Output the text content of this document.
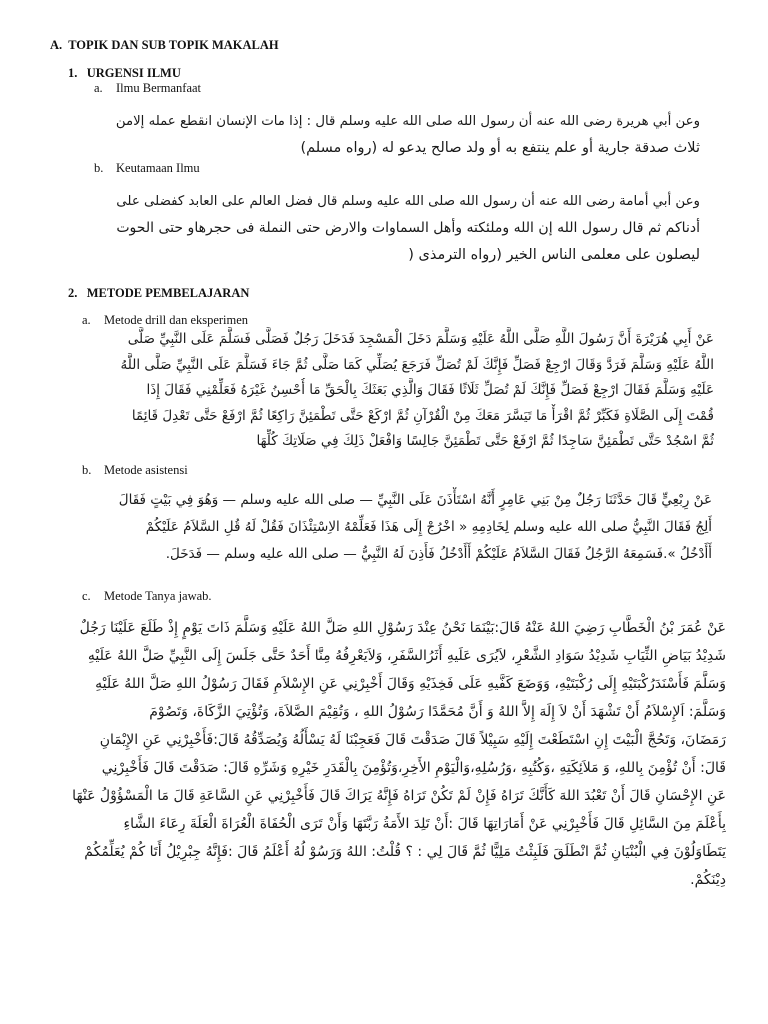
A. TOPIK DAN SUB TOPIK MAKALAH
1. URGENSI ILMU
a. Ilmu Bermanfaat
وعن أبي هريرة رضى الله عنه أن رسول الله صلى الله عليه وسلم قال : إذا مات الإنسان انقطع عمله إلامن
ثلاث صدقة جارية أو علم ينتفع به أو ولد صالح يدعو له (رواه مسلم)
b. Keutamaan Ilmu
وعن أبي أمامة رضى الله عنه أن رسول الله صلى الله عليه وسلم قال فضل العالم على العابد كفضلى على
أدناكم ثم قال رسول الله إن الله وملئكته وأهل السماوات والارض حتى النملة فى حجرهاو حتى الحوت
ليصلون على معلمى الناس الخير (رواه الترمذى (
2. METODE PEMBELAJARAN
a. Metode drill dan eksperimen
عَنْ أَبِي هُرَيْرَةَ أَنَّ رَسُولَ اللَّهِ صَلَّى اللَّهُ عَلَيْهِ وَسَلَّمَ دَخَلَ الْمَسْجِدَ فَدَخَلَ رَجُلٌ فَصَلَّى فَسَلَّمَ عَلَى النَّبِيِّ صَلَّى
اللَّهُ عَلَيْهِ وَسَلَّمَ فَرَدَّ وَقَالَ ارْجِعْ فَصَلِّ فَإِنَّكَ لَمْ تُصَلِّ فَرَجَعَ يُصَلِّي كَمَا صَلَّى ثُمَّ جَاءَ فَسَلَّمَ عَلَى النَّبِيِّ صَلَّى اللَّهُ
عَلَيْهِ وَسَلَّمَ فَقَالَ ارْجِعْ فَصَلِّ فَإِنَّكَ لَمْ تُصَلِّ ثَلَاثًا فَقَالَ وَالَّذِي بَعَثَكَ بِالْحَقِّ مَا أُحْسِنُ غَيْرَهُ فَعَلِّمْنِي فَقَالَ إِذَا
قُمْتَ إِلَى الصَّلَاةِ فَكَبِّرْ ثُمَّ اقْرَأْ مَا تَيَسَّرَ مَعَكَ مِنْ الْقُرْآنِ ثُمَّ ارْكَعْ حَتَّى تَطْمَئِنَّ رَاكِعًا ثُمَّ ارْفَعْ حَتَّى تَعْدِلَ قَائِمًا
ثُمَّ اسْجُدْ حَتَّى تَطْمَئِنَّ سَاجِدًا ثُمَّ ارْفَعْ حَتَّى تَطْمَئِنَّ جَالِسًا وَافْعَلْ ذَلِكَ فِي صَلَاتِكَ كُلِّهَا
b. Metode asistensi
عَنْ رِبْعِيٍّ قَالَ حَدَّثَنَا رَجُلٌ مِنْ بَنِي عَامِرٍ أَنَّهُ اسْتَأْذَنَ عَلَى النَّبِيِّ — صلى الله عليه وسلم — وَهُوَ فِي بَيْتٍ فَقَالَ
أَلِجُ فَقَالَ النَّبِيُّ صلى الله عليه وسلم لِخَادِمِهِ « اخْرُجْ إِلَى هَذَا فَعَلِّمْهُ الاِسْتِئْذَانَ فَقُلْ لَهُ قُلِ السَّلاَمُ عَلَيْكُمْ
أَأَدْخُلُ ».فَسَمِعَهُ الرَّجُلُ فَقَالَ السَّلاَمُ عَلَيْكُمْ أَأَدْخُلُ فَأَذِنَ لَهُ النَّبِيُّ — صلى الله عليه وسلم — فَدَخَلَ.
c. Metode Tanya jawab.
عَنْ عُمَرَ بْنُ الْخَطَّابِ رَضِيَ اللهُ عَنْهُ قَالَ:بَيْنَمَا نَحْنُ عِنْدَ رَسُوْلِ اللهِ صَلَّ اللهُ عَلَيْهِ وَسَلَّمَ ذَاتَ يَوْمٍ إِذْ طَلَعَ عَلَيْنَا رَجُلٌ
شَدِيْدُ بَيَاضِ الثِّيَابِ شَدِيْدُ سَوَادِ الشَّعْرِ، لاَيُرَى عَلَيهِ أَثَرُالسَّفَرِ، وَلاَيَعْرِفُهُ مِنَّا أَحَدٌ حَتَّى جَلَسَ إِلَى النَّبِيِّ صَلَّ اللهُ عَلَيْهِ
وَسَلَّمَ فَأَسْنَدَرُكْبَتَيْهِ إِلَى رُكْبَتَيْهِ، وَوَضَعَ كَفَّيهِ عَلَى فَخِذَيْهِ وَقَالَ أَخْبِرْنِي عَنِ الإِسْلاَمِ فَقَالَ رَسُوْلُ اللهِ صَلَّ اللهُ عَلَيْهِ
وَسَلَّمَ: اَلإِسْلاَمُ أَنْ تَشْهَدَ أَنْ لاَ إِلَهَ إِلاَّ اللهُ وَ أَنَّ مُحَمَّدًا رَسُوْلُ اللهِ ، وَتُقِيْمَ الصَّلاَةَ، وَتُؤْتِيَ الزَّكَاةَ، وَتَصُوْمَ
رَمَضَانَ، وَتَحُجَّ الْبَيْتَ إِنِ اسْتَطَعْتَ إِلَيْهِ سَبِيْلاً قَالَ صَدَقْتَ قَالَ فَعَجِبْنَا لَهُ يَسْأَلُهُ وَيُصَدِّقُهُ قَالَ:فَأَخْبِرْنِي عَنِ الإِيْمَانِ
قَالَ: أَنْ تُؤْمِنَ بِاللهِ، وَ مَلاَئِكَتِهِ ،وَكُتُبِهِ ،وَرُسُلِهِ،وَالْيَوْمِ الأَخِرِ،وَتُؤْمِنَ بِالْقَدَرِ خَيْرِهِ وَشَرِّهِ قَالَ: صَدَقْتَ قَالَ فَأَخْبِرْنِي
عَنِ الإِحْسَانِ قَالَ أَنْ تَعْبُدَ اللهَ كَأَنَّكَ تَرَاهُ فَإِنْ لَمْ تَكُنْ تَرَاهُ فَإِنَّهُ يَرَاكَ قَالَ فَأَخْبِرْنِي عَنِ السَّاعَةِ قَالَ مَا الْمَسْؤُوْلُ عَنْهَا
بِأَعْلَمَ مِنَ السَّائِلِ قَالَ فَأَخْبِرْنِي عَنْ أَمَارَاتِهَا قَالَ :أَنْ تَلِدَ الأَمَةُ رَبَّتَهَا وَأَنْ تَرَى الْحُفَاةَ الْعُرَاةَ الْعَلَةَ رِعَاءَ الشَّاءِ
يَتَطَاوَلُوْنَ فِي الْبُنْيَانِ ثُمَّ انْطَلَقَ فَلَبِثْتُ مَلِيًّا ثُمَّ قَالَ لِي : ؟ قُلْتُ: اللهُ وَرَسُوْ لُهُ أَعْلَمُ قَالَ :فَإِنَّهُ جِبْرِيْلُ أَتَا كُمْ يُعَلِّمُكُمْ
دِيْنَكُمْ.
